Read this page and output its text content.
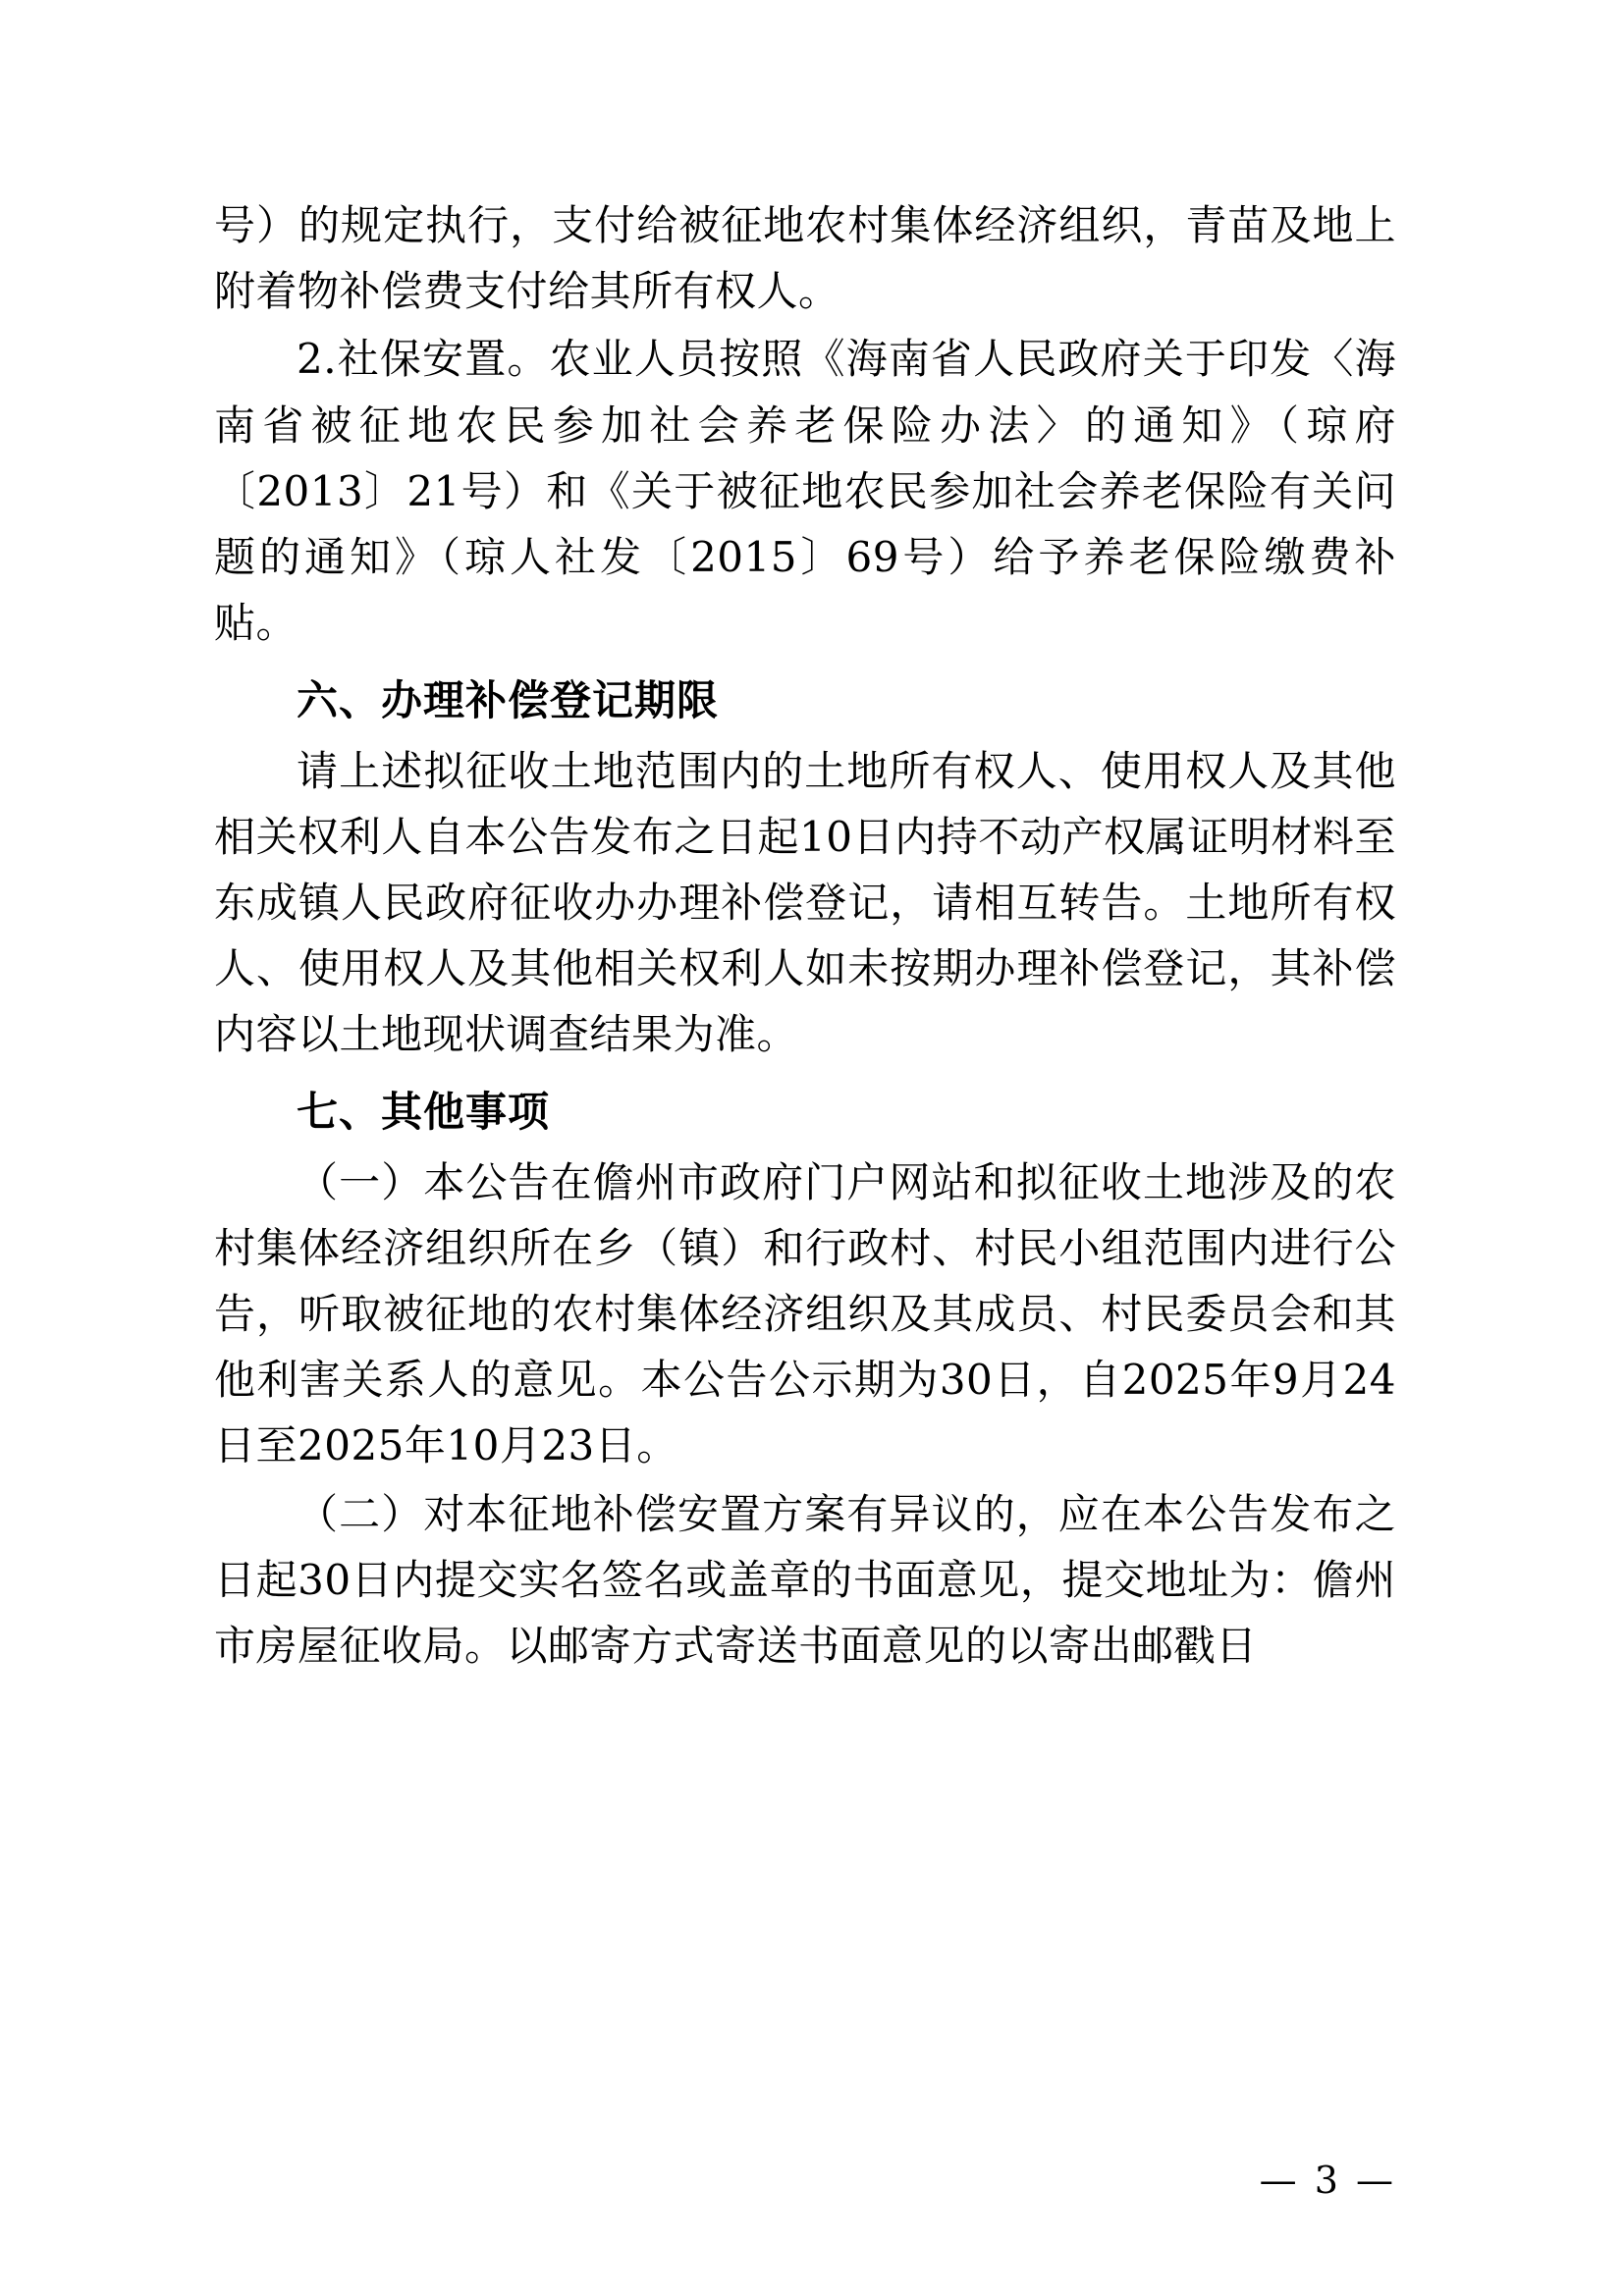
号）的规定执行，支付给被征地农村集体经济组织，青苗及地上附着物补偿费支付给其所有权人。

2.社保安置。农业人员按照《海南省人民政府关于印发〈海南省被征地农民参加社会养老保险办法〉的通知》（琼府〔2013〕21号）和《关于被征地农民参加社会养老保险有关问题的通知》（琼人社发〔2015〕69号）给予养老保险缴费补贴。

六、办理补偿登记期限

请上述拟征收土地范围内的土地所有权人、使用权人及其他相关权利人自本公告发布之日起10日内持不动产权属证明材料至东成镇人民政府征收办办理补偿登记，请相互转告。土地所有权人、使用权人及其他相关权利人如未按期办理补偿登记，其补偿内容以土地现状调查结果为准。

七、其他事项

（一）本公告在儋州市政府门户网站和拟征收土地涉及的农村集体经济组织所在乡（镇）和行政村、村民小组范围内进行公告，听取被征地的农村集体经济组织及其成员、村民委员会和其他利害关系人的意见。本公告公示期为30日，自2025年9月24日至2025年10月23日。

（二）对本征地补偿安置方案有异议的，应在本公告发布之日起30日内提交实名签名或盖章的书面意见，提交地址为：儋州市房屋征收局。以邮寄方式寄送书面意见的以寄出邮戳日

— 3 —
